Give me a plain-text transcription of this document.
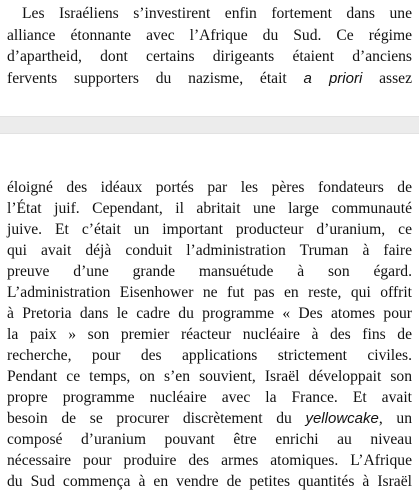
Les Israéliens s’investirent enfin fortement dans une
alliance étonnante avec l’Afrique du Sud. Ce régime
d’apartheid, dont certains dirigeants étaient d’anciens
fervents supporters du nazisme, était a priori assez
éloigné des idéaux portés par les pères fondateurs de
l’État juif. Cependant, il abritait une large communauté
juive. Et c’était un important producteur d’uranium, ce
qui avait déjà conduit l’administration Truman à faire
preuve d’une grande mansuétude à son égard.
L’administration Eisenhower ne fut pas en reste, qui offrit
à Pretoria dans le cadre du programme « Des atomes pour
la paix » son premier réacteur nucléaire à des fins de
recherche, pour des applications strictement civiles.
Pendant ce temps, on s’en souvient, Israël développait son
propre programme nucléaire avec la France. Et avait
besoin de se procurer discrètement du yellowcake, un
composé d’uranium pouvant être enrichi au niveau
nécessaire pour produire des armes atomiques. L’Afrique
du Sud commença à en vendre de petites quantités à Israël
